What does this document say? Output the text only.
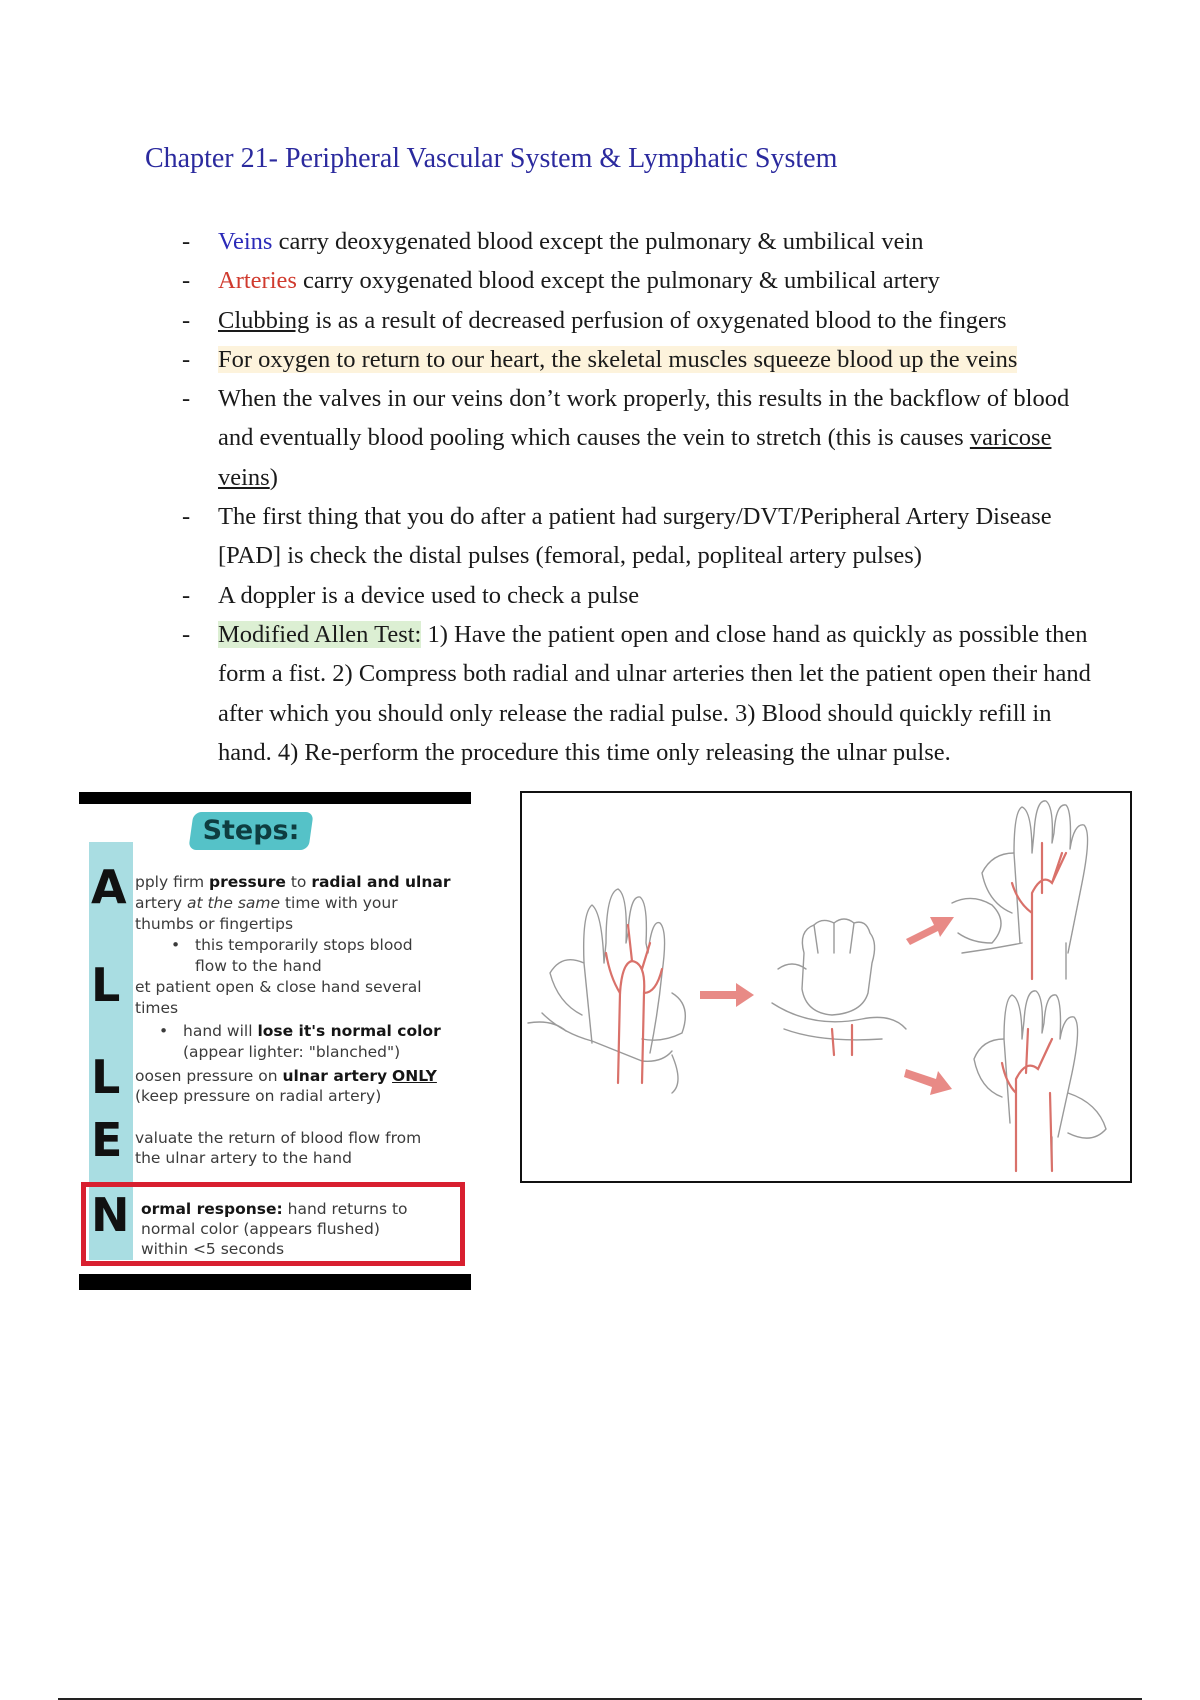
Chapter 21- Peripheral Vascular System & Lymphatic System
- Veins carry deoxygenated blood except the pulmonary & umbilical vein
- Arteries carry oxygenated blood except the pulmonary & umbilical artery
- Clubbing is as a result of decreased perfusion of oxygenated blood to the fingers
- For oxygen to return to our heart, the skeletal muscles squeeze blood up the veins
- When the valves in our veins don’t work properly, this results in the backflow of blood and eventually blood pooling which causes the vein to stretch (this is causes varicose veins)
- The first thing that you do after a patient had surgery/DVT/Peripheral Artery Disease [PAD] is check the distal pulses (femoral, pedal, popliteal artery pulses)
- A doppler is a device used to check a pulse
- Modified Allen Test: 1) Have the patient open and close hand as quickly as possible then form a fist. 2) Compress both radial and ulnar arteries then let the patient open their hand after which you should only release the radial pulse. 3) Blood should quickly refill in hand. 4) Re-perform the procedure this time only releasing the ulnar pulse.
Steps:
A pply firm pressure to radial and ulnar
artery at the same time with your
thumbs or fingertips
• this temporarily stops blood
flow to the hand
L et patient open & close hand several
times
• hand will lose it's normal color
(appear lighter: "blanched")
L oosen pressure on ulnar artery ONLY
(keep pressure on radial artery)
E valuate the return of blood flow from
the ulnar artery to the hand
N ormal response: hand returns to
normal color (appears flushed)
within <5 seconds
